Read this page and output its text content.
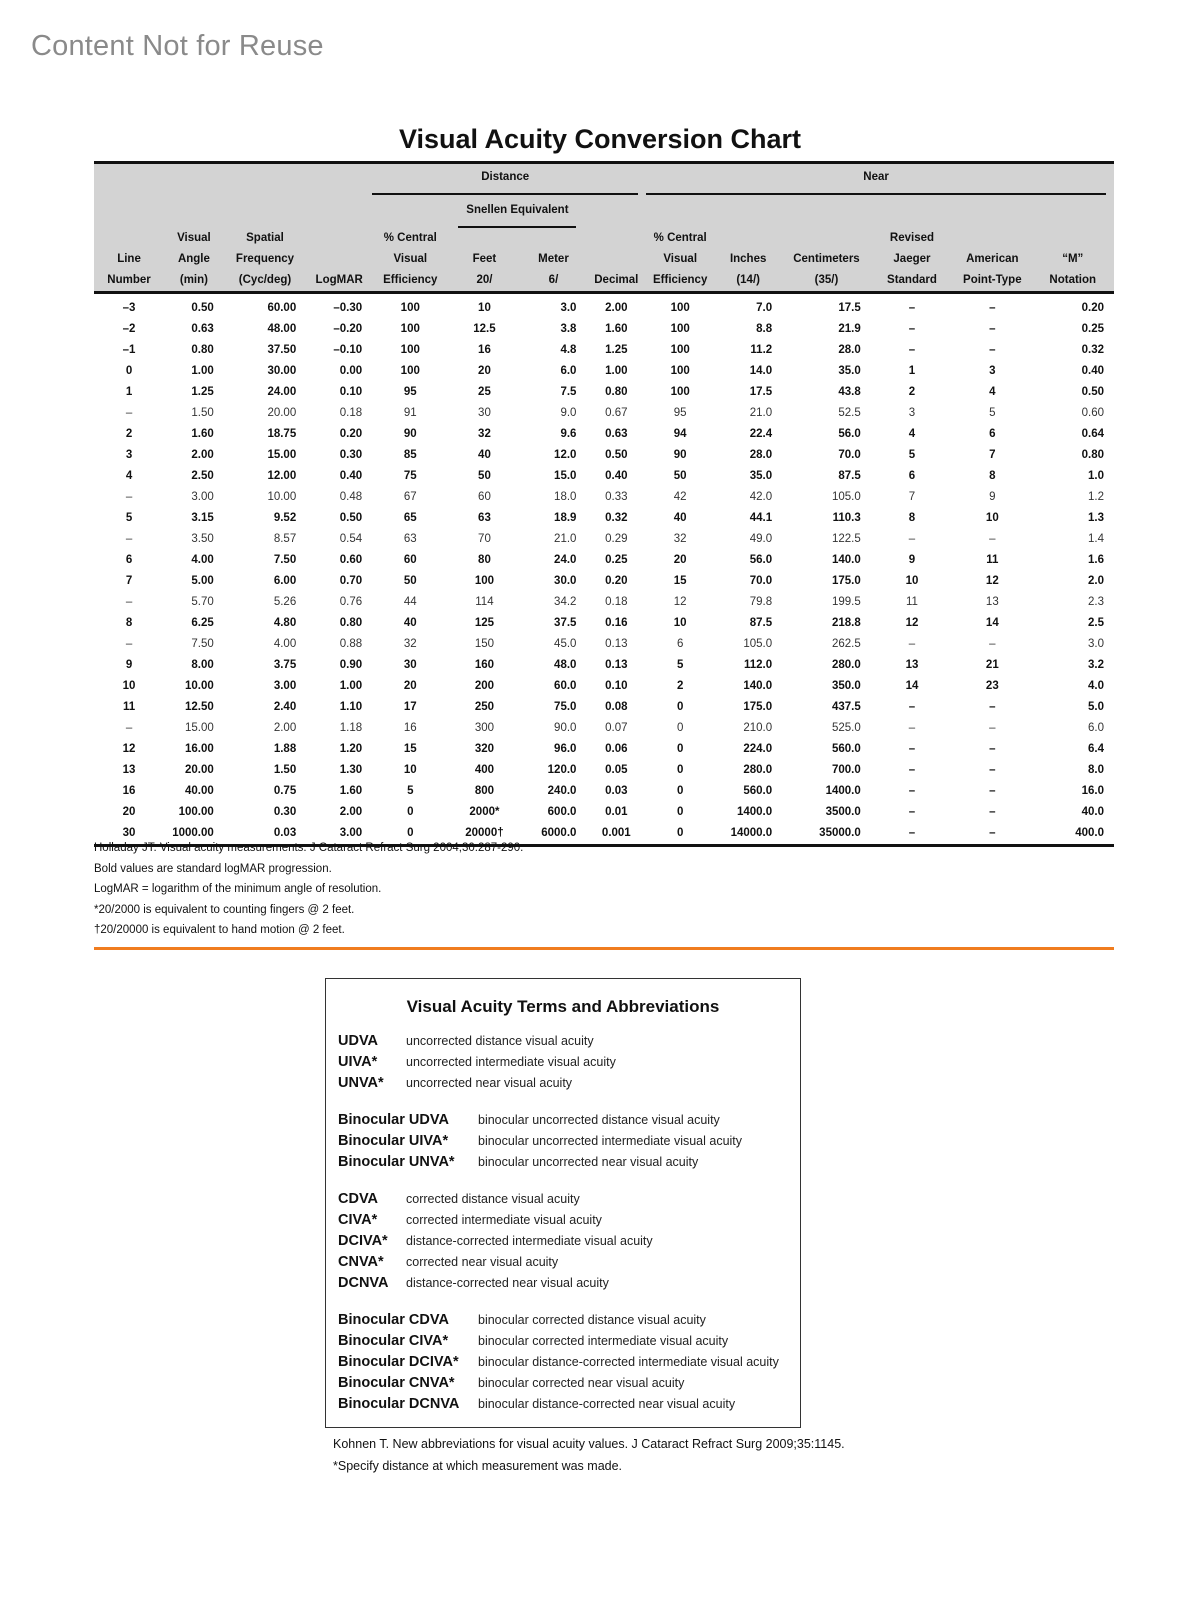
Content Not for Reuse
Visual Acuity Conversion Chart

				Distance				Near					

					Snellen Equivalent								

	Visual	Spatial		% Central				% Central			Revised		
Line	Angle	Frequency		Visual	Feet	Meter		Visual	Inches	Centimeters	Jaeger	American	“M”
Number	(min)	(Cyc/deg)	LogMAR	Efficiency	20/	6/	Decimal	Efficiency	(14/)	(35/)	Standard	Point-Type	Notation
–3	0.50	60.00	–0.30	100	10	3.0	2.00	100	7.0	17.5	–	–	0.20
–2	0.63	48.00	–0.20	100	12.5	3.8	1.60	100	8.8	21.9	–	–	0.25
–1	0.80	37.50	–0.10	100	16	4.8	1.25	100	11.2	28.0	–	–	0.32
0	1.00	30.00	0.00	100	20	6.0	1.00	100	14.0	35.0	1	3	0.40
1	1.25	24.00	0.10	95	25	7.5	0.80	100	17.5	43.8	2	4	0.50
–	1.50	20.00	0.18	91	30	9.0	0.67	95	21.0	52.5	3	5	0.60
2	1.60	18.75	0.20	90	32	9.6	0.63	94	22.4	56.0	4	6	0.64
3	2.00	15.00	0.30	85	40	12.0	0.50	90	28.0	70.0	5	7	0.80
4	2.50	12.00	0.40	75	50	15.0	0.40	50	35.0	87.5	6	8	1.0
–	3.00	10.00	0.48	67	60	18.0	0.33	42	42.0	105.0	7	9	1.2
5	3.15	9.52	0.50	65	63	18.9	0.32	40	44.1	110.3	8	10	1.3
–	3.50	8.57	0.54	63	70	21.0	0.29	32	49.0	122.5	–	–	1.4
6	4.00	7.50	0.60	60	80	24.0	0.25	20	56.0	140.0	9	11	1.6
7	5.00	6.00	0.70	50	100	30.0	0.20	15	70.0	175.0	10	12	2.0
–	5.70	5.26	0.76	44	114	34.2	0.18	12	79.8	199.5	11	13	2.3
8	6.25	4.80	0.80	40	125	37.5	0.16	10	87.5	218.8	12	14	2.5
–	7.50	4.00	0.88	32	150	45.0	0.13	6	105.0	262.5	–	–	3.0
9	8.00	3.75	0.90	30	160	48.0	0.13	5	112.0	280.0	13	21	3.2
10	10.00	3.00	1.00	20	200	60.0	0.10	2	140.0	350.0	14	23	4.0
11	12.50	2.40	1.10	17	250	75.0	0.08	0	175.0	437.5	–	–	5.0
–	15.00	2.00	1.18	16	300	90.0	0.07	0	210.0	525.0	–	–	6.0
12	16.00	1.88	1.20	15	320	96.0	0.06	0	224.0	560.0	–	–	6.4
13	20.00	1.50	1.30	10	400	120.0	0.05	0	280.0	700.0	–	–	8.0
16	40.00	0.75	1.60	5	800	240.0	0.03	0	560.0	1400.0	–	–	16.0
20	100.00	0.30	2.00	0	2000*	600.0	0.01	0	1400.0	3500.0	–	–	40.0
30	1000.00	0.03	3.00	0	20000†	6000.0	0.001	0	14000.0	35000.0	–	–	400.0
Holladay JT. Visual acuity measurements. J Cataract Refract Surg 2004;30:287-290.
Bold values are standard logMAR progression.
LogMAR = logarithm of the minimum angle of resolution.
*20/2000 is equivalent to counting fingers @ 2 feet.
†20/20000 is equivalent to hand motion @ 2 feet.
Visual Acuity Terms and Abbreviations
UDVA	uncorrected distance visual acuity
UIVA*	uncorrected intermediate visual acuity
UNVA*	uncorrected near visual acuity
Binocular UDVA	binocular uncorrected distance visual acuity
Binocular UIVA*	binocular uncorrected intermediate visual acuity
Binocular UNVA*	binocular uncorrected near visual acuity
CDVA	corrected distance visual acuity
CIVA*	corrected intermediate visual acuity
DCIVA*	distance-corrected intermediate visual acuity
CNVA*	corrected near visual acuity
DCNVA	distance-corrected near visual acuity
Binocular CDVA	binocular corrected distance visual acuity
Binocular CIVA*	binocular corrected intermediate visual acuity
Binocular DCIVA*	binocular distance-corrected intermediate visual acuity
Binocular CNVA*	binocular corrected near visual acuity
Binocular DCNVA	binocular distance-corrected near visual acuity
Kohnen T. New abbreviations for visual acuity values. J Cataract Refract Surg 2009;35:1145.
*Specify distance at which measurement was made.
